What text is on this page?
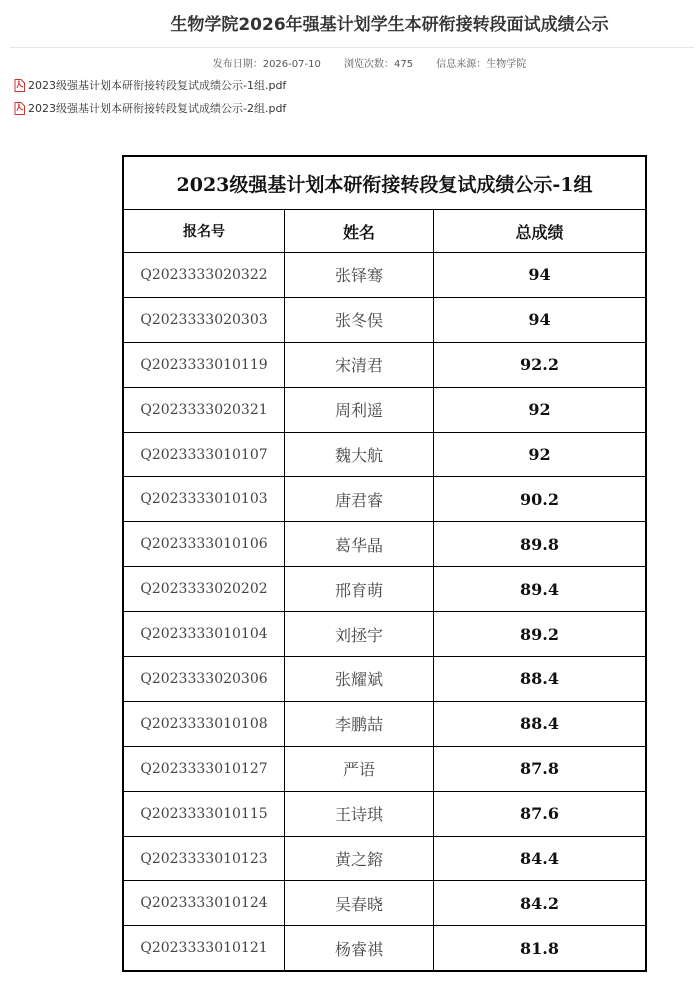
生物学院2026年强基计划学生本研衔接转段面试成绩公示
发布日期：2026-07-10 浏览次数：475 信息来源：生物学院
2023级强基计划本研衔接转段复试成绩公示-1组.pdf
2023级强基计划本研衔接转段复试成绩公示-2组.pdf
2023级强基计划本研衔接转段复试成绩公示-1组		
报名号	姓名	总成绩
Q2023333020322	张铎骞	94
Q2023333020303	张冬俣	94
Q2023333010119	宋清君	92.2
Q2023333020321	周利遥	92
Q2023333010107	魏大航	92
Q2023333010103	唐君睿	90.2
Q2023333010106	葛华晶	89.8
Q2023333020202	邢育萌	89.4
Q2023333010104	刘拯宇	89.2
Q2023333020306	张耀斌	88.4
Q2023333010108	李鹏喆	88.4
Q2023333010127	严语	87.8
Q2023333010115	王诗琪	87.6
Q2023333010123	黄之鎔	84.4
Q2023333010124	吴春晓	84.2
Q2023333010121	杨睿祺	81.8
